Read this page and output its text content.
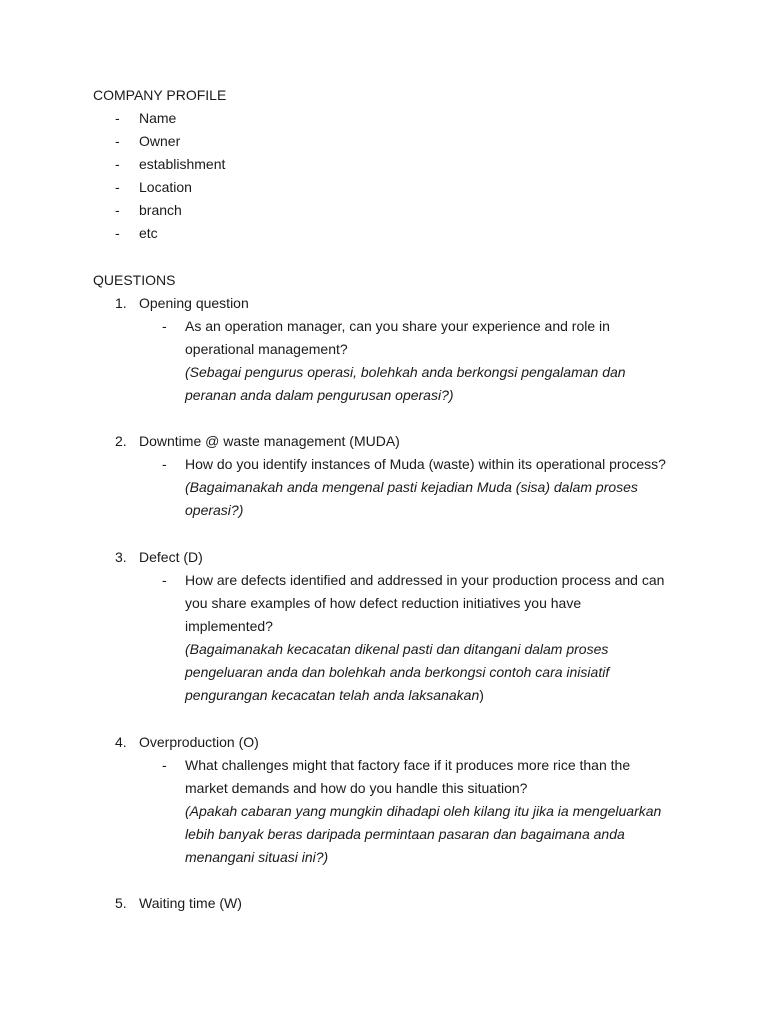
COMPANY PROFILE
- Name
- Owner
- establishment
- Location
- branch
- etc
QUESTIONS
1. Opening question
- As an operation manager, can you share your experience and role in
operational management?
(Sebagai pengurus operasi, bolehkah anda berkongsi pengalaman dan
peranan anda dalam pengurusan operasi?)
2. Downtime @ waste management (MUDA)
- How do you identify instances of Muda (waste) within its operational process?
(Bagaimanakah anda mengenal pasti kejadian Muda (sisa) dalam proses
operasi?)
3. Defect (D)
- How are defects identified and addressed in your production process and can
you share examples of how defect reduction initiatives you have
implemented?
(Bagaimanakah kecacatan dikenal pasti dan ditangani dalam proses
pengeluaran anda dan bolehkah anda berkongsi contoh cara inisiatif
pengurangan kecacatan telah anda laksanakan)
4. Overproduction (O)
- What challenges might that factory face if it produces more rice than the
market demands and how do you handle this situation?
(Apakah cabaran yang mungkin dihadapi oleh kilang itu jika ia mengeluarkan
lebih banyak beras daripada permintaan pasaran dan bagaimana anda
menangani situasi ini?)
5. Waiting time (W)
